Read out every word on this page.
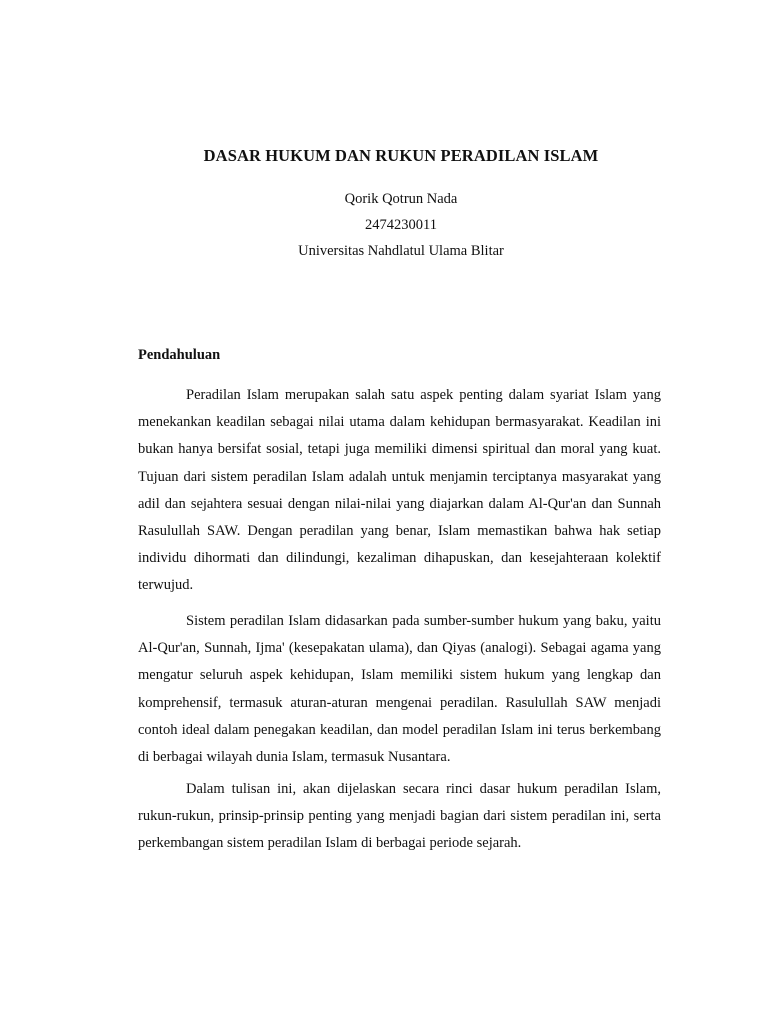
DASAR HUKUM DAN RUKUN PERADILAN ISLAM
Qorik Qotrun Nada
2474230011
Universitas Nahdlatul Ulama Blitar
Pendahuluan

Peradilan Islam merupakan salah satu aspek penting dalam syariat Islam yang menekankan keadilan sebagai nilai utama dalam kehidupan bermasyarakat. Keadilan ini bukan hanya bersifat sosial, tetapi juga memiliki dimensi spiritual dan moral yang kuat. Tujuan dari sistem peradilan Islam adalah untuk menjamin terciptanya masyarakat yang adil dan sejahtera sesuai dengan nilai-nilai yang diajarkan dalam Al-Qur'an dan Sunnah Rasulullah SAW. Dengan peradilan yang benar, Islam memastikan bahwa hak setiap individu dihormati dan dilindungi, kezaliman dihapuskan, dan kesejahteraan kolektif terwujud.

Sistem peradilan Islam didasarkan pada sumber-sumber hukum yang baku, yaitu Al-Qur'an, Sunnah, Ijma' (kesepakatan ulama), dan Qiyas (analogi). Sebagai agama yang mengatur seluruh aspek kehidupan, Islam memiliki sistem hukum yang lengkap dan komprehensif, termasuk aturan-aturan mengenai peradilan. Rasulullah SAW menjadi contoh ideal dalam penegakan keadilan, dan model peradilan Islam ini terus berkembang di berbagai wilayah dunia Islam, termasuk Nusantara.

Dalam tulisan ini, akan dijelaskan secara rinci dasar hukum peradilan Islam, rukun-rukun, prinsip-prinsip penting yang menjadi bagian dari sistem peradilan ini, serta perkembangan sistem peradilan Islam di berbagai periode sejarah.
